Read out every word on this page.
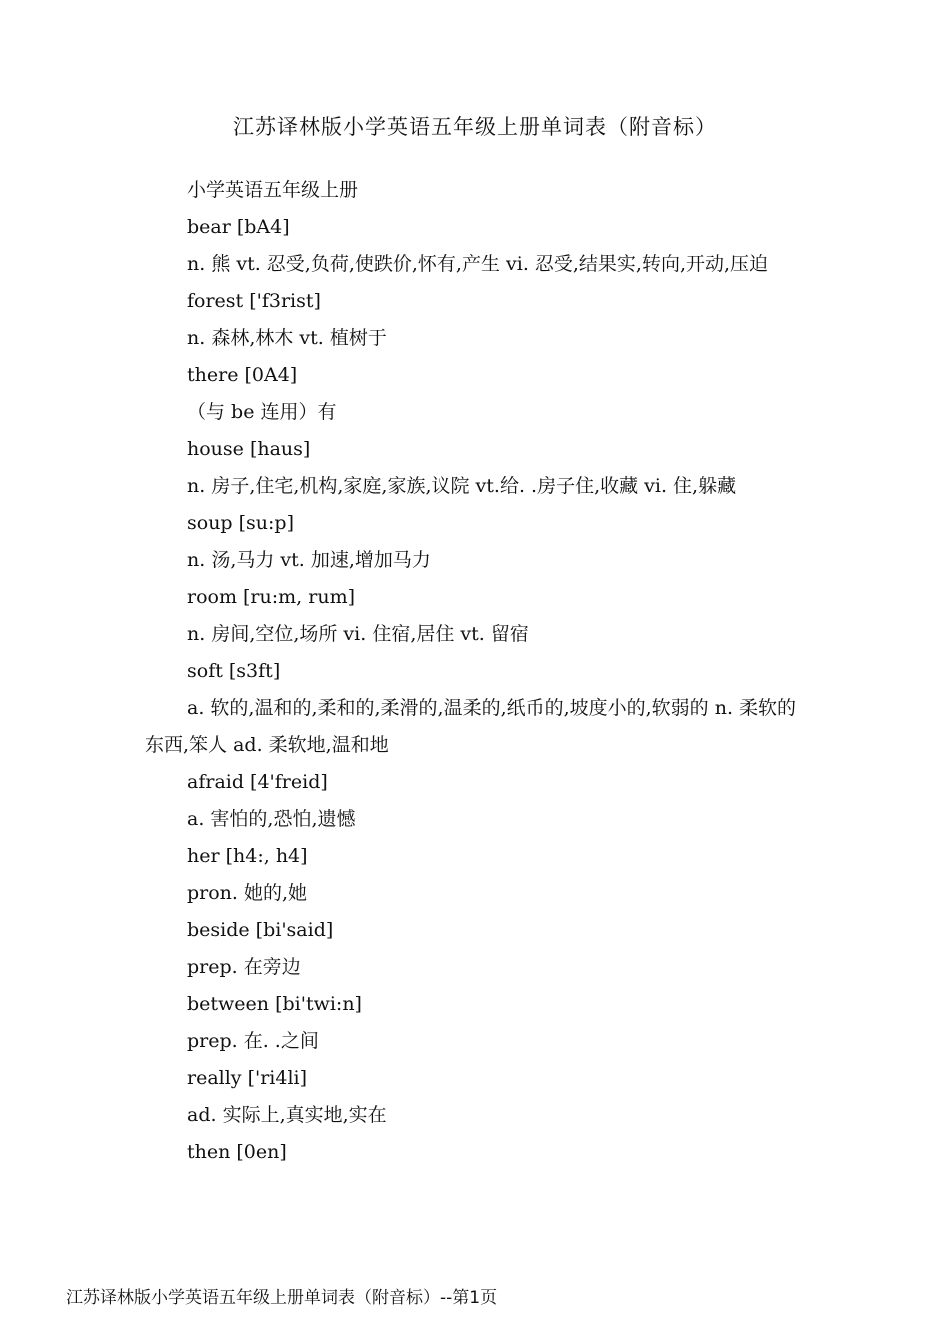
江苏译林版小学英语五年级上册单词表（附音标）

小学英语五年级上册

bear [bA4]

n. 熊 vt. 忍受,负荷,使跌价,怀有,产生 vi. 忍受,结果实,转向,开动,压迫

forest ['f3rist]

n. 森林,林木 vt. 植树于

there [0A4]

（与 be 连用）有

house [haus]

n. 房子,住宅,机构,家庭,家族,议院 vt.给. .房子住,收藏 vi. 住,躲藏

soup [su:p]

n. 汤,马力 vt. 加速,增加马力

room [ru:m, rum]

n. 房间,空位,场所 vi. 住宿,居住 vt. 留宿

soft [s3ft]

a. 软的,温和的,柔和的,柔滑的,温柔的,纸币的,坡度小的,软弱的 n. 柔软的东西,笨人 ad. 柔软地,温和地

afraid [4'freid]

a. 害怕的,恐怕,遗憾

her [h4:, h4]

pron. 她的,她

beside [bi'said]

prep. 在旁边

between [bi'twi:n]

prep. 在. .之间

really ['ri4li]

ad. 实际上,真实地,实在

then [0en]

江苏译林版小学英语五年级上册单词表（附音标）--第1页
